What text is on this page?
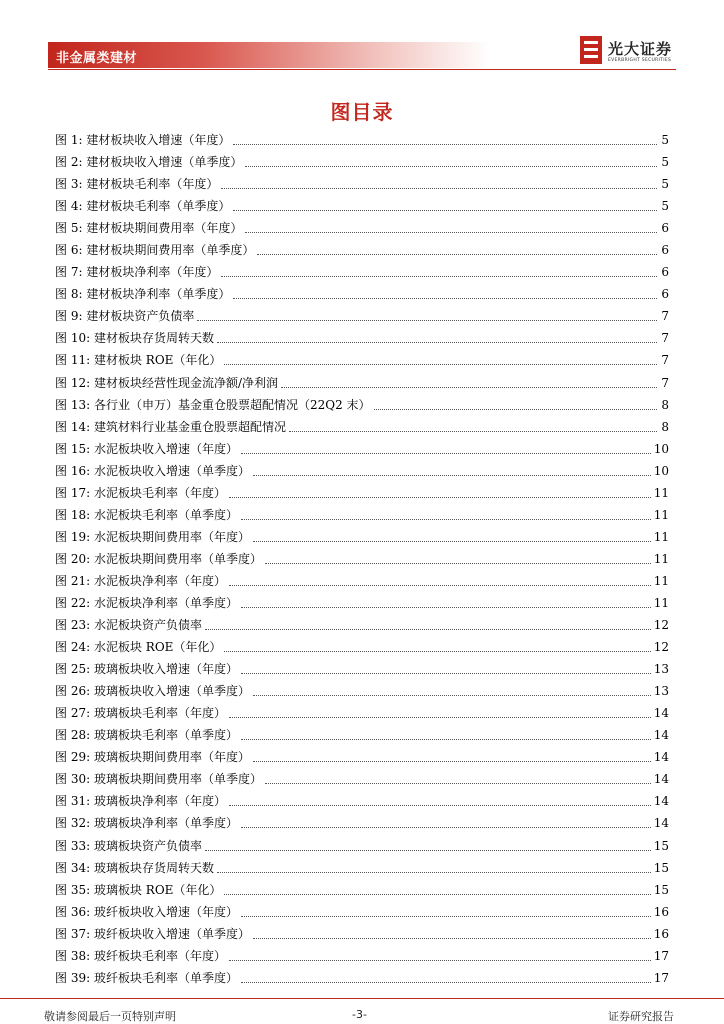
非金属类建材
光大证券
EVERBRIGHT SECURITIES
图目录
图 1: 建材板块收入增速（年度）	5
图 2: 建材板块收入增速（单季度）	5
图 3: 建材板块毛利率（年度）	5
图 4: 建材板块毛利率（单季度）	5
图 5: 建材板块期间费用率（年度）	6
图 6: 建材板块期间费用率（单季度）	6
图 7: 建材板块净利率（年度）	6
图 8: 建材板块净利率（单季度）	6
图 9: 建材板块资产负债率	7
图 10: 建材板块存货周转天数	7
图 11: 建材板块 ROE（年化）	7
图 12: 建材板块经营性现金流净额/净利润	7
图 13: 各行业（申万）基金重仓股票超配情况（22Q2 末）	8
图 14: 建筑材料行业基金重仓股票超配情况	8
图 15: 水泥板块收入增速（年度）	10
图 16: 水泥板块收入增速（单季度）	10
图 17: 水泥板块毛利率（年度）	11
图 18: 水泥板块毛利率（单季度）	11
图 19: 水泥板块期间费用率（年度）	11
图 20: 水泥板块期间费用率（单季度）	11
图 21: 水泥板块净利率（年度）	11
图 22: 水泥板块净利率（单季度）	11
图 23: 水泥板块资产负债率	12
图 24: 水泥板块 ROE（年化）	12
图 25: 玻璃板块收入增速（年度）	13
图 26: 玻璃板块收入增速（单季度）	13
图 27: 玻璃板块毛利率（年度）	14
图 28: 玻璃板块毛利率（单季度）	14
图 29: 玻璃板块期间费用率（年度）	14
图 30: 玻璃板块期间费用率（单季度）	14
图 31: 玻璃板块净利率（年度）	14
图 32: 玻璃板块净利率（单季度）	14
图 33: 玻璃板块资产负债率	15
图 34: 玻璃板块存货周转天数	15
图 35: 玻璃板块 ROE（年化）	15
图 36: 玻纤板块收入增速（年度）	16
图 37: 玻纤板块收入增速（单季度）	16
图 38: 玻纤板块毛利率（年度）	17
图 39: 玻纤板块毛利率（单季度）	17
敬请参阅最后一页特别声明	-3-	证券研究报告
